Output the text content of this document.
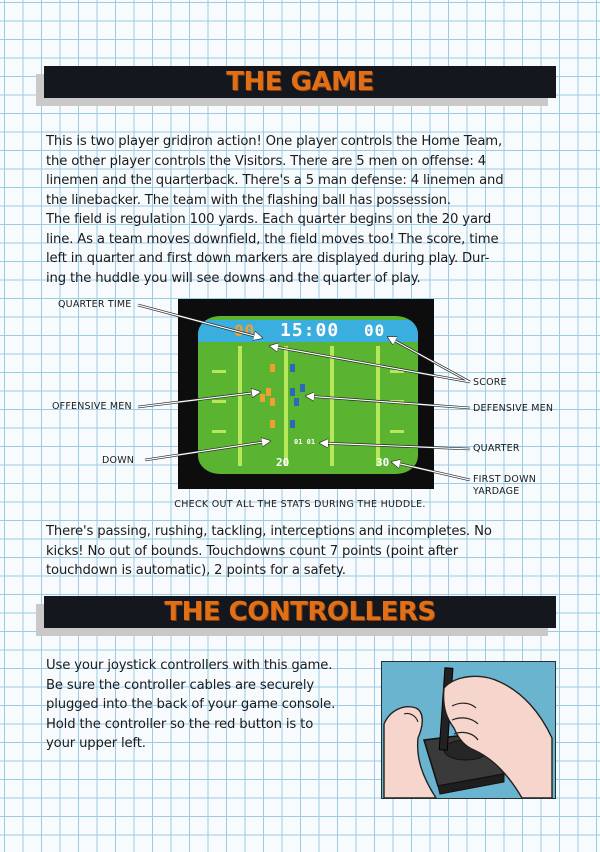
THE GAME

This is two player gridiron action! One player controls the Home Team,
the other player controls the Visitors. There are 5 men on offense: 4
linemen and the quarterback. There's a 5 man defense: 4 linemen and
the linebacker. The team with the flashing ball has possession.

The field is regulation 100 yards. Each quarter begins on the 20 yard
line. As a team moves downfield, the field moves too! The score, time
left in quarter and first down markers are displayed during play. Dur-
ing the huddle you will see downs and the quarter of play.

00 15:00 00
01 01
20	30
QUARTER TIME
OFFENSIVE MEN
DOWN
SCORE
DEFENSIVE MEN
QUARTER
FIRST DOWN
YARDAGE
CHECK OUT ALL THE STATS DURING THE HUDDLE.

There's passing, rushing, tackling, interceptions and incompletes. No
kicks! No out of bounds. Touchdowns count 7 points (point after
touchdown is automatic), 2 points for a safety.

THE CONTROLLERS

Use your joystick controllers with this game.
Be sure the controller cables are securely
plugged into the back of your game console.
Hold the controller so the red button is to
your upper left.
